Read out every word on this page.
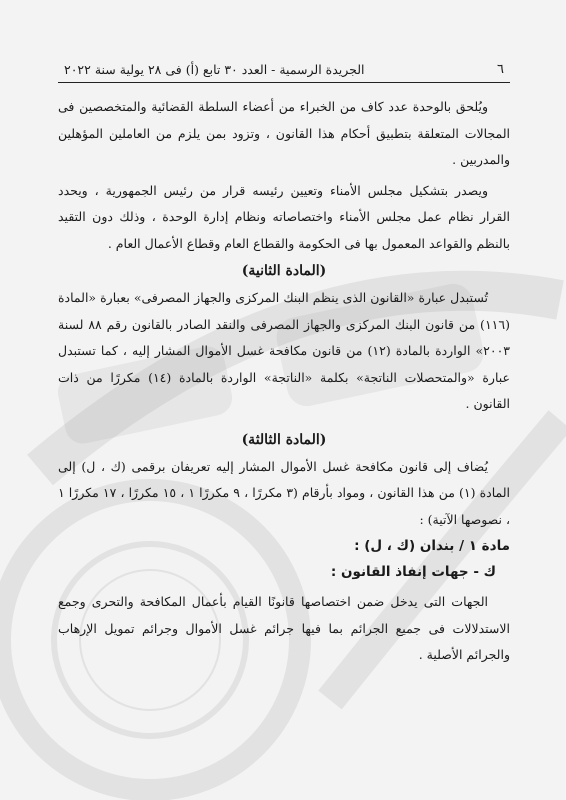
٦
الجريدة الرسمية - العدد ٣٠ تابع (أ) فى ٢٨ يولية سنة ٢٠٢٢

ويُلحق بالوحدة عدد كاف من الخبراء من أعضاء السلطة القضائية والمتخصصين فى المجالات المتعلقة بتطبيق أحكام هذا القانون ، وتزود بمن يلزم من العاملين المؤهلين والمدربين .

ويصدر بتشكيل مجلس الأمناء وتعيين رئيسه قرار من رئيس الجمهورية ، ويحدد القرار نظام عمل مجلس الأمناء واختصاصاته ونظام إدارة الوحدة ، وذلك دون التقيد بالنظم والقواعد المعمول بها فى الحكومة والقطاع العام وقطاع الأعمال العام .

(المادة الثانية)

تُستبدل عبارة «القانون الذى ينظم البنك المركزى والجهاز المصرفى» بعبارة «المادة (١١٦) من قانون البنك المركزى والجهاز المصرفى والنقد الصادر بالقانون رقم ٨٨ لسنة ٢٠٠٣» الواردة بالمادة (١٢) من قانون مكافحة غسل الأموال المشار إليه ، كما تستبدل عبارة «والمتحصلات الناتجة» بكلمة «الناتجة» الواردة بالمادة (١٤) مكررًا من ذات القانون .

(المادة الثالثة)

يُضاف إلى قانون مكافحة غسل الأموال المشار إليه تعريفان برقمى (ك ، ل) إلى المادة (١) من هذا القانون ، ومواد بأرقام (٣ مكررًا ، ٩ مكررًا ١ ، ١٥ مكررًا ، ١٧ مكررًا ١ ، نصوصها الآتية) :

مادة ١ / بندان (ك ، ل) :

ك - جهات إنفاذ القانون :

الجهات التى يدخل ضمن اختصاصها قانونًا القيام بأعمال المكافحة والتحرى وجمع الاستدلالات فى جميع الجرائم بما فيها جرائم غسل الأموال وجرائم تمويل الإرهاب والجرائم الأصلية .
